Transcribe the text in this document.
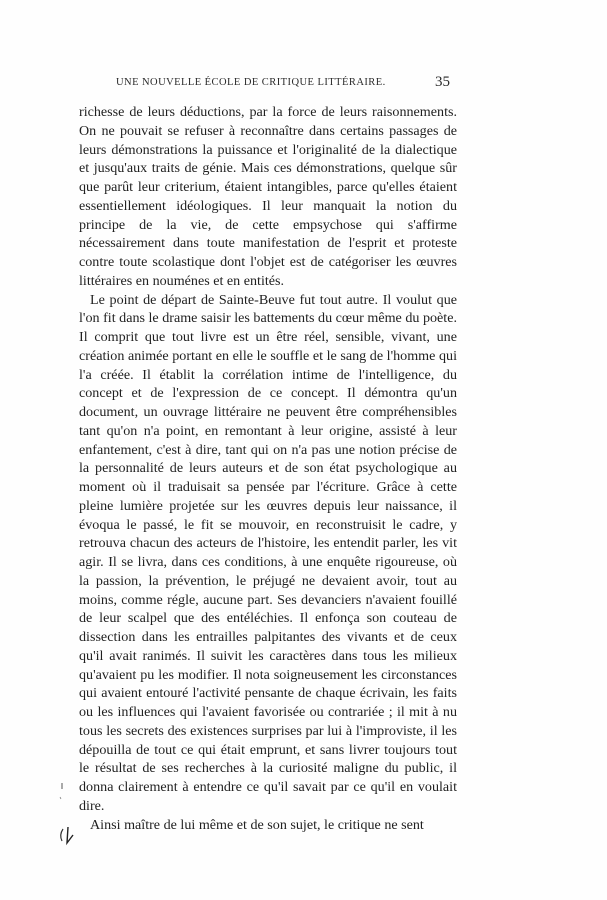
UNE NOUVELLE ÉCOLE DE CRITIQUE LITTÉRAIRE.	35

richesse de leurs déductions, par la force de leurs raisonnements. On ne pouvait se refuser à reconnaître dans certains passages de leurs démonstrations la puissance et l'originalité de la dialectique et jusqu'aux traits de génie. Mais ces démonstrations, quelque sûr que parût leur criterium, étaient intangibles, parce qu'elles étaient essentiellement idéologiques. Il leur manquait la notion du principe de la vie, de cette empsychose qui s'affirme nécessairement dans toute manifestation de l'esprit et proteste contre toute scolastique dont l'objet est de catégoriser les œuvres littéraires en nouménes et en entités.

Le point de départ de Sainte-Beuve fut tout autre. Il voulut que l'on fit dans le drame saisir les battements du cœur même du poète. Il comprit que tout livre est un être réel, sensible, vivant, une création animée portant en elle le souffle et le sang de l'homme qui l'a créée. Il établit la corrélation intime de l'intelligence, du concept et de l'expression de ce concept. Il démontra qu'un document, un ouvrage littéraire ne peuvent être compréhensibles tant qu'on n'a point, en remontant à leur origine, assisté à leur enfantement, c'est à dire, tant qui on n'a pas une notion précise de la personnalité de leurs auteurs et de son état psychologique au moment où il traduisait sa pensée par l'écriture. Grâce à cette pleine lumière projetée sur les œuvres depuis leur naissance, il évoqua le passé, le fit se mouvoir, en reconstruisit le cadre, y retrouva chacun des acteurs de l'histoire, les entendit parler, les vit agir. Il se livra, dans ces conditions, à une enquête rigoureuse, où la passion, la prévention, le préjugé ne devaient avoir, tout au moins, comme régle, aucune part. Ses devanciers n'avaient fouillé de leur scalpel que des entéléchies. Il enfonça son couteau de dissection dans les entrailles palpitantes des vivants et de ceux qu'il avait ranimés. Il suivit les caractères dans tous les milieux qu'avaient pu les modifier. Il nota soigneusement les circonstances qui avaient entouré l'activité pensante de chaque écrivain, les faits ou les influences qui l'avaient favorisée ou contrariée ; il mit à nu tous les secrets des existences surprises par lui à l'improviste, il les dépouilla de tout ce qui était emprunt, et sans livrer toujours tout le résultat de ses recherches à la curiosité maligne du public, il donna clairement à entendre ce qu'il savait par ce qu'il en voulait dire.

Ainsi maître de lui même et de son sujet, le critique ne sent
